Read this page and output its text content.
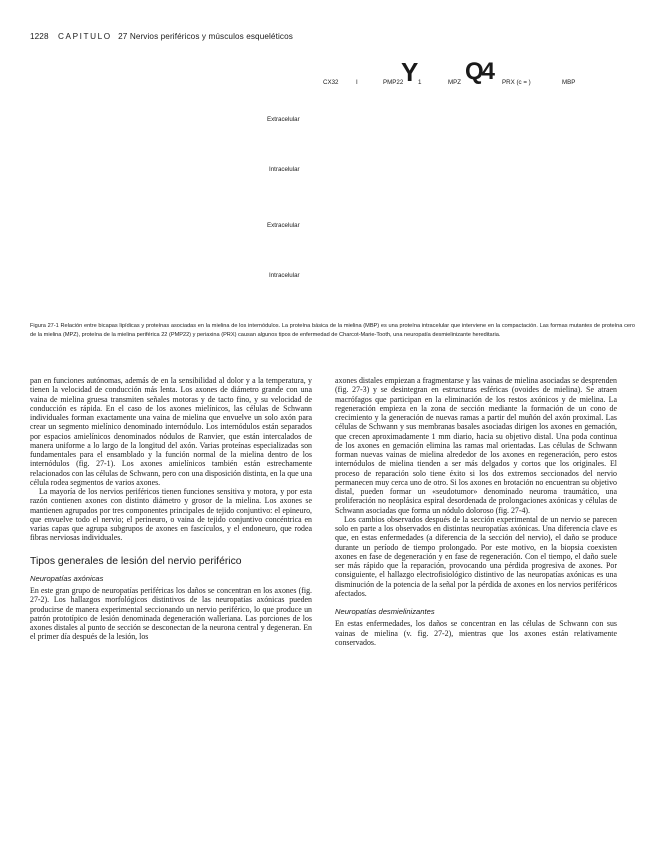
1228 CAPITULO 27 Nervios periféricos y músculos esqueléticos
CX32	I	PMP22
Y 1	MPZ Q4 PRX (c = )	MBP
Extracelular
Intracelular
Extracelular
Intracelular
Figura 27-1 Relación entre bicapas lipídicas y proteínas asociadas en la mielina de los internódulos. La proteína básica de la mielina (MBP) es una proteína intracelular que interviene en la compactación. Las formas mutantes de proteína cero de la mielina (MPZ), proteína de la mielina periférica 22 (PMP22) y periaxina (PRX) causan algunos tipos de enfermedad de Charcot-Marie-Tooth, una neuropatía desmielinizante hereditaria.

pan en funciones autónomas, además de en la sensibilidad al dolor y a la temperatura, y tienen la velocidad de conducción más lenta. Los axones de diámetro grande con una vaina de mielina gruesa transmiten señales motoras y de tacto fino, y su velocidad de conducción es rápida. En el caso de los axones mielínicos, las células de Schwann individuales forman exactamente una vaina de mielina que envuelve un solo axón para crear un segmento mielínico denominado internódulo. Los internódulos están separados por espacios amielínicos denominados nódulos de Ranvier, que están intercalados de manera uniforme a lo largo de la longitud del axón. Varias proteínas especializadas son fundamentales para el ensamblado y la función normal de la mielina dentro de los internódulos (fig. 27-1). Los axones amielínicos también están estrechamente relacionados con las células de Schwann, pero con una disposición distinta, en la que una célula rodea segmentos de varios axones.

La mayoría de los nervios periféricos tienen funciones sensitiva y motora, y por esta razón contienen axones con distinto diámetro y grosor de la mielina. Los axones se mantienen agrupados por tres componentes principales de tejido conjuntivo: el epineuro, que envuelve todo el nervio; el perineuro, o vaina de tejido conjuntivo concéntrica en varias capas que agrupa subgrupos de axones en fascículos, y el endoneuro, que rodea fibras nerviosas individuales.

Tipos generales de lesión del nervio periférico
Neuropatías axónicas

En este gran grupo de neuropatías periféricas los daños se concentran en los axones (fig. 27-2). Los hallazgos morfológicos distintivos de las neuropatías axónicas pueden producirse de manera experimental seccionando un nervio periférico, lo que produce un patrón prototípico de lesión denominada degeneración walleriana. Las porciones de los axones distales al punto de sección se desconectan de la neurona central y degeneran. En el primer día después de la lesión, los

axones distales empiezan a fragmentarse y las vainas de mielina asociadas se desprenden (fig. 27-3) y se desintegran en estructuras esféricas (ovoides de mielina). Se atraen macrófagos que participan en la eliminación de los restos axónicos y de mielina. La regeneración empieza en la zona de sección mediante la formación de un cono de crecimiento y la generación de nuevas ramas a partir del muñón del axón proximal. Las células de Schwann y sus membranas basales asociadas dirigen los axones en gemación, que crecen aproximadamente 1 mm diario, hacia su objetivo distal. Una poda continua de los axones en gemación elimina las ramas mal orientadas. Las células de Schwann forman nuevas vainas de mielina alrededor de los axones en regeneración, pero estos internódulos de mielina tienden a ser más delgados y cortos que los originales. El proceso de reparación solo tiene éxito si los dos extremos seccionados del nervio permanecen muy cerca uno de otro. Si los axones en brotación no encuentran su objetivo distal, pueden formar un «seudotumor» denominado neuroma traumático, una proliferación no neoplásica espiral desordenada de prolongaciones axónicas y células de Schwann asociadas que forma un nódulo doloroso (fig. 27-4).

Los cambios observados después de la sección experimental de un nervio se parecen solo en parte a los observados en distintas neuropatías axónicas. Una diferencia clave es que, en estas enfermedades (a diferencia de la sección del nervio), el daño se produce durante un período de tiempo prolongado. Por este motivo, en la biopsia coexisten axones en fase de degeneración y en fase de regeneración. Con el tiempo, el daño suele ser más rápido que la reparación, provocando una pérdida progresiva de axones. Por consiguiente, el hallazgo electrofisiológico distintivo de las neuropatías axónicas es una disminución de la potencia de la señal por la pérdida de axones en los nervios periféricos afectados.

Neuropatías desmielinizantes

En estas enfermedades, los daños se concentran en las células de Schwann con sus vainas de mielina (v. fig. 27-2), mientras que los axones están relativamente conservados.
